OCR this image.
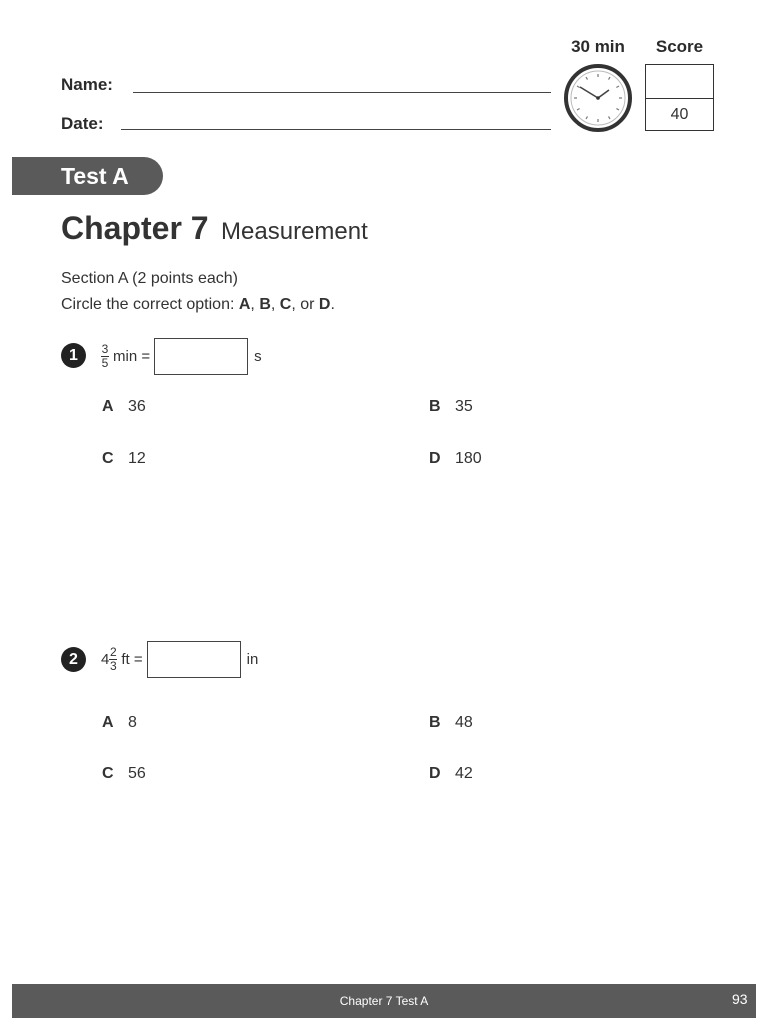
Name:
Date:
30 min	Score
40
Test A
Chapter 7 Measurement
Section A (2 points each)
Circle the correct option: A, B, C, or D.
1	$\frac{3}{5}$ min =	s
A 36	B 35
C 12	D 180
2	$4 \frac{2}{3}$ ft =	in
A 8	B 48
C 56	D 42
Chapter 7 Test A	93
